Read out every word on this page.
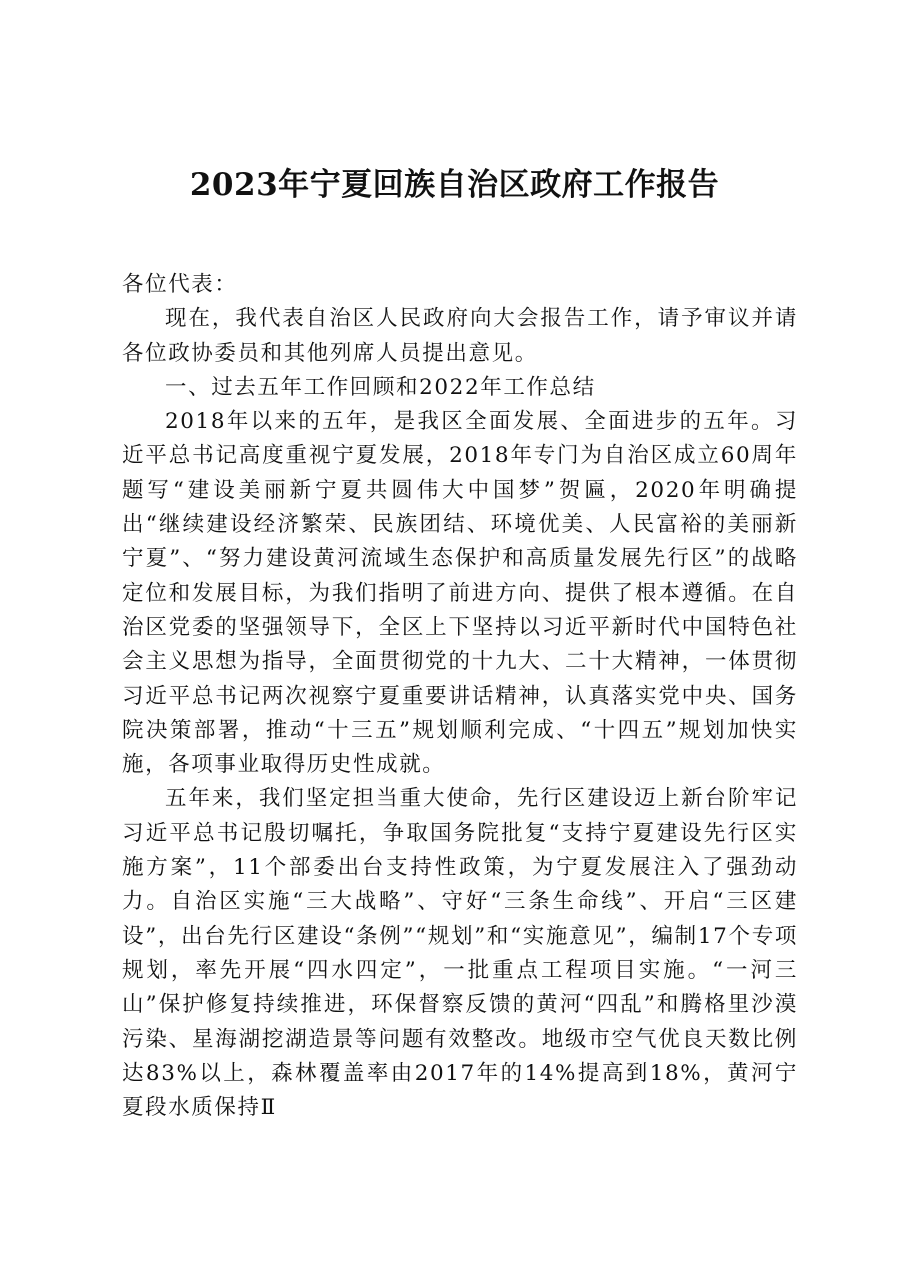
2023年宁夏回族自治区政府工作报告

各位代表：

现在，我代表自治区人民政府向大会报告工作，请予审议并请各位政协委员和其他列席人员提出意见。

一、过去五年工作回顾和2022年工作总结

2018年以来的五年，是我区全面发展、全面进步的五年。习近平总书记高度重视宁夏发展，2018年专门为自治区成立60周年题写“建设美丽新宁夏共圆伟大中国梦”贺匾，2020年明确提出“继续建设经济繁荣、民族团结、环境优美、人民富裕的美丽新宁夏”、“努力建设黄河流域生态保护和高质量发展先行区”的战略定位和发展目标，为我们指明了前进方向、提供了根本遵循。在自治区党委的坚强领导下，全区上下坚持以习近平新时代中国特色社会主义思想为指导，全面贯彻党的十九大、二十大精神，一体贯彻习近平总书记两次视察宁夏重要讲话精神，认真落实党中央、国务院决策部署，推动“十三五”规划顺利完成、“十四五”规划加快实施，各项事业取得历史性成就。

五年来，我们坚定担当重大使命，先行区建设迈上新台阶牢记习近平总书记殷切嘱托，争取国务院批复“支持宁夏建设先行区实施方案”，11个部委出台支持性政策，为宁夏发展注入了强劲动力。自治区实施“三大战略”、守好“三条生命线”、开启“三区建设”，出台先行区建设“条例”“规划”和“实施意见”，编制17个专项规划，率先开展“四水四定”，一批重点工程项目实施。“一河三山”保护修复持续推进，环保督察反馈的黄河“四乱”和腾格里沙漠污染、星海湖挖湖造景等问题有效整改。地级市空气优良天数比例达83%以上，森林覆盖率由2017年的14%提高到18%，黄河宁夏段水质保持Ⅱ
